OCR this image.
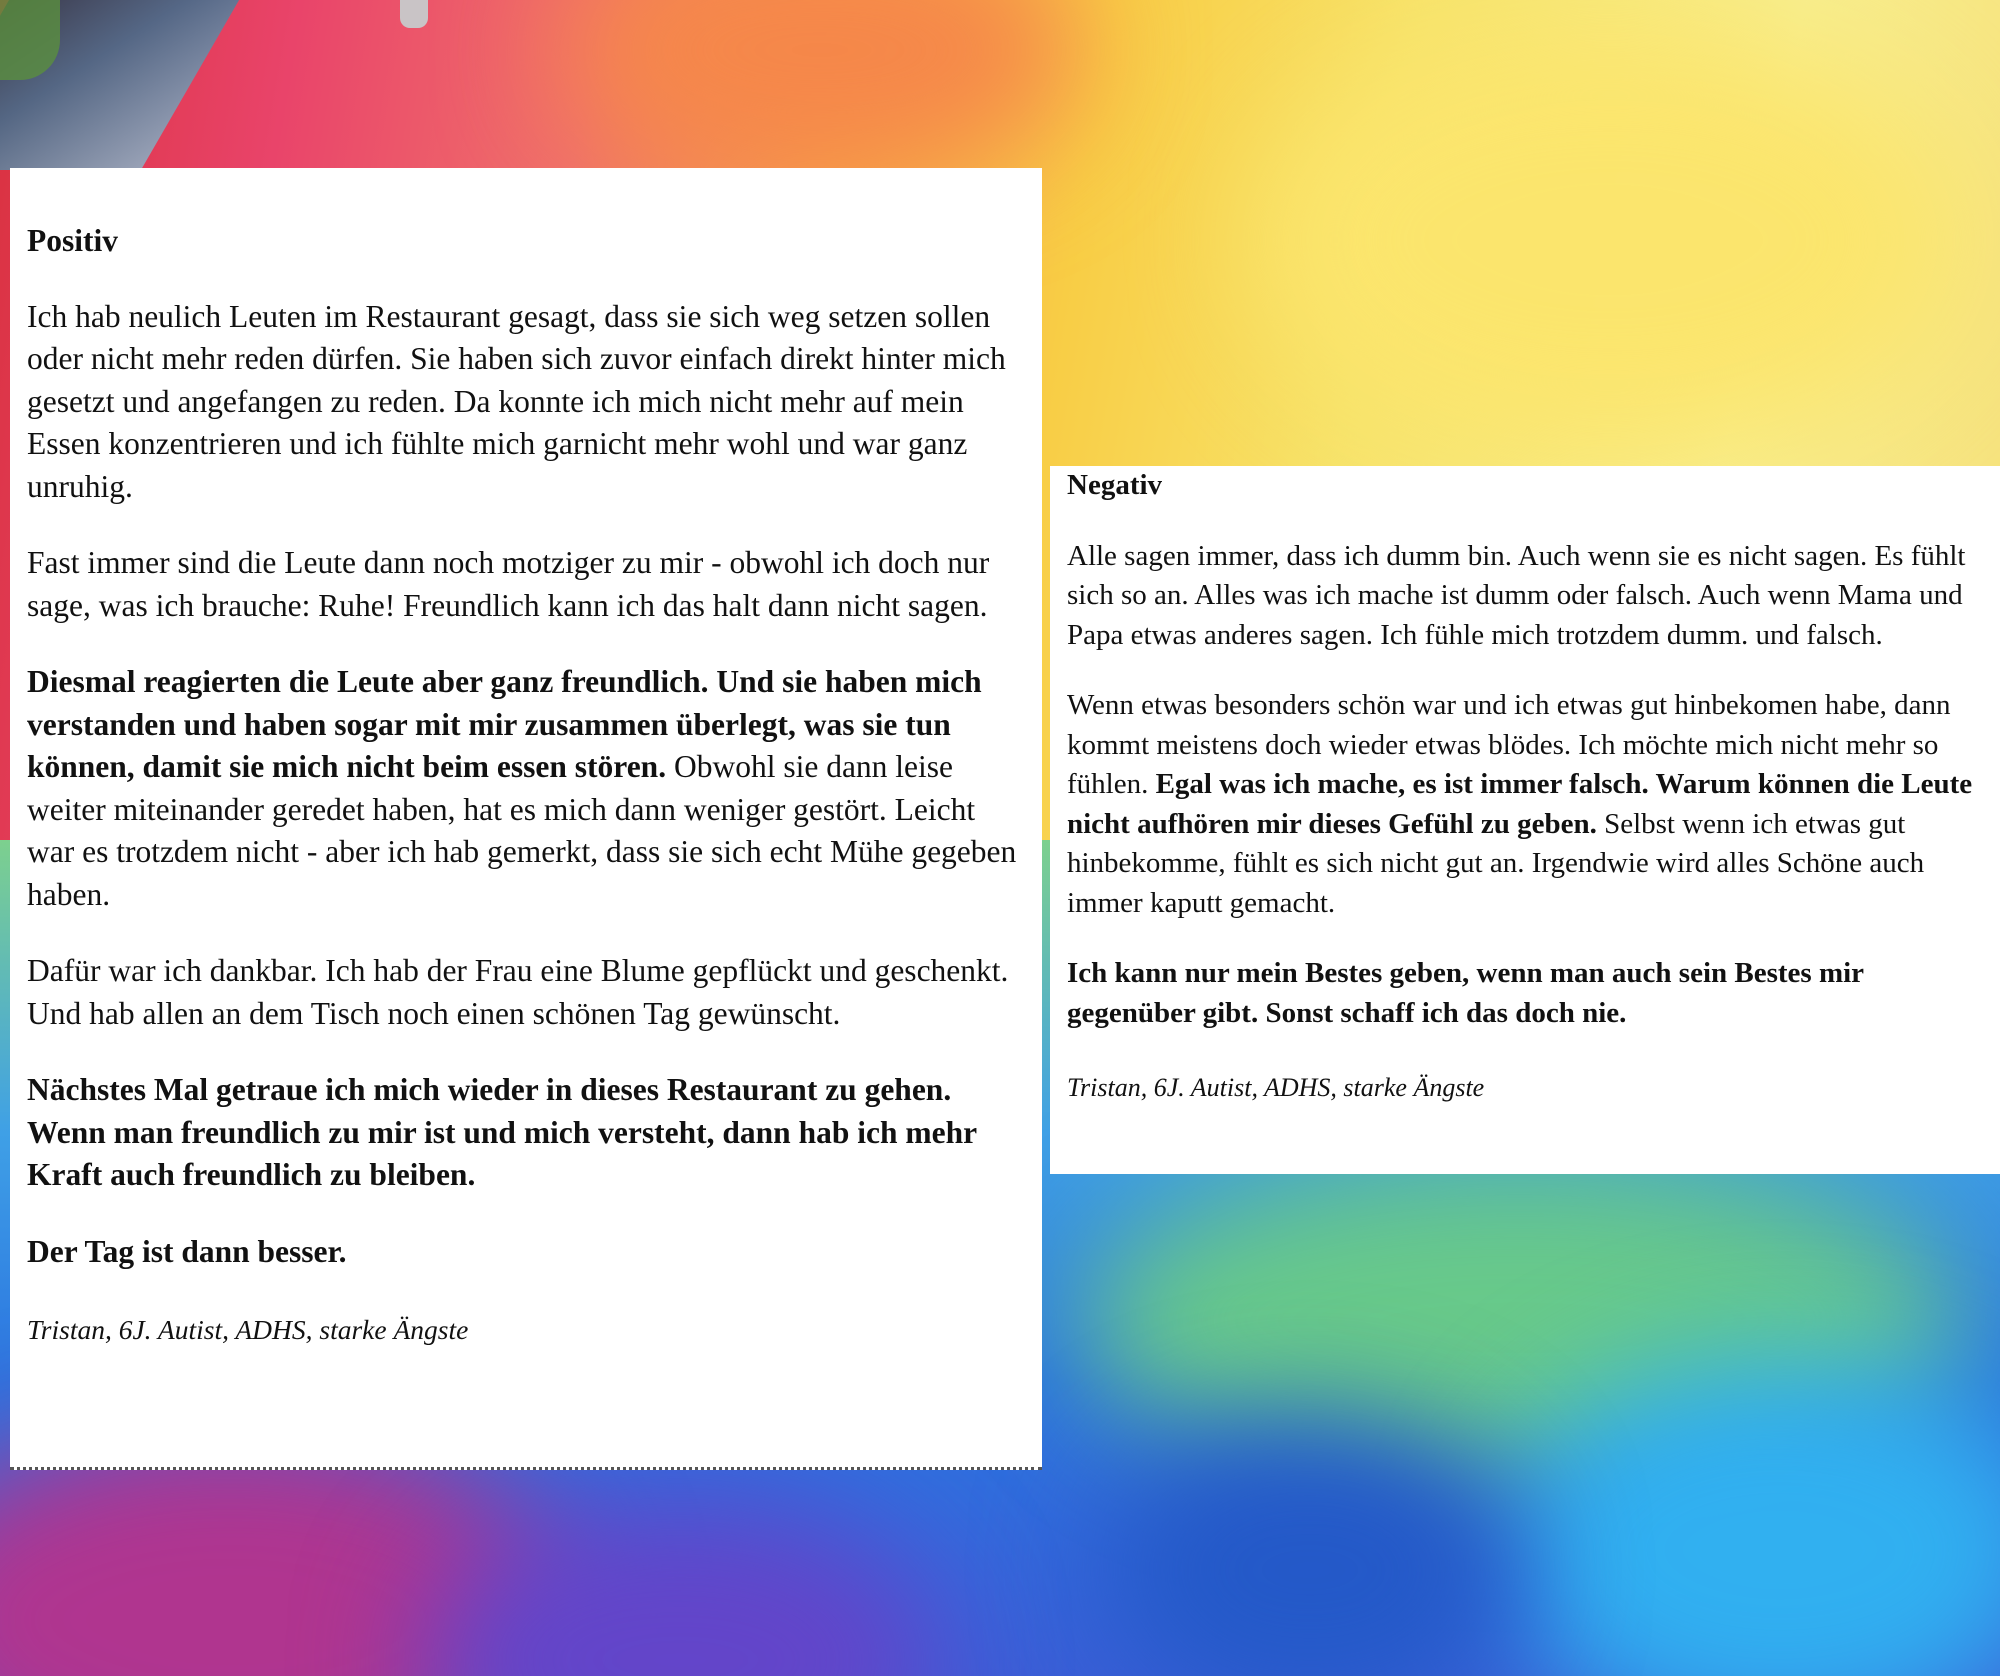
Positiv

Ich hab neulich Leuten im Restaurant gesagt, dass sie sich weg setzen sollen oder nicht mehr reden dürfen. Sie haben sich zuvor einfach direkt hinter mich gesetzt und angefangen zu reden. Da konnte ich mich nicht mehr auf mein Essen konzentrieren und ich fühlte mich garnicht mehr wohl und war ganz unruhig.

Fast immer sind die Leute dann noch motziger zu mir - obwohl ich doch nur sage, was ich brauche: Ruhe! Freundlich kann ich das halt dann nicht sagen.

Diesmal reagierten die Leute aber ganz freundlich. Und sie haben mich verstanden und haben sogar mit mir zusammen überlegt, was sie tun können, damit sie mich nicht beim essen stören. Obwohl sie dann leise weiter miteinander geredet haben, hat es mich dann weniger gestört. Leicht war es trotzdem nicht - aber ich hab gemerkt, dass sie sich echt Mühe gegeben haben.

Dafür war ich dankbar. Ich hab der Frau eine Blume gepflückt und geschenkt. Und hab allen an dem Tisch noch einen schönen Tag gewünscht.

Nächstes Mal getraue ich mich wieder in dieses Restaurant zu gehen. Wenn man freundlich zu mir ist und mich versteht, dann hab ich mehr Kraft auch freundlich zu bleiben.

Der Tag ist dann besser.

Tristan, 6J. Autist, ADHS, starke Ängste

Negativ

Alle sagen immer, dass ich dumm bin. Auch wenn sie es nicht sagen. Es fühlt sich so an. Alles was ich mache ist dumm oder falsch. Auch wenn Mama und Papa etwas anderes sagen. Ich fühle mich trotzdem dumm. und falsch.

Wenn etwas besonders schön war und ich etwas gut hinbekomen habe, dann kommt meistens doch wieder etwas blödes. Ich möchte mich nicht mehr so fühlen. Egal was ich mache, es ist immer falsch. Warum können die Leute nicht aufhören mir dieses Gefühl zu geben. Selbst wenn ich etwas gut hinbekomme, fühlt es sich nicht gut an. Irgendwie wird alles Schöne auch immer kaputt gemacht.

Ich kann nur mein Bestes geben, wenn man auch sein Bestes mir gegenüber gibt. Sonst schaff ich das doch nie.

Tristan, 6J. Autist, ADHS, starke Ängste
